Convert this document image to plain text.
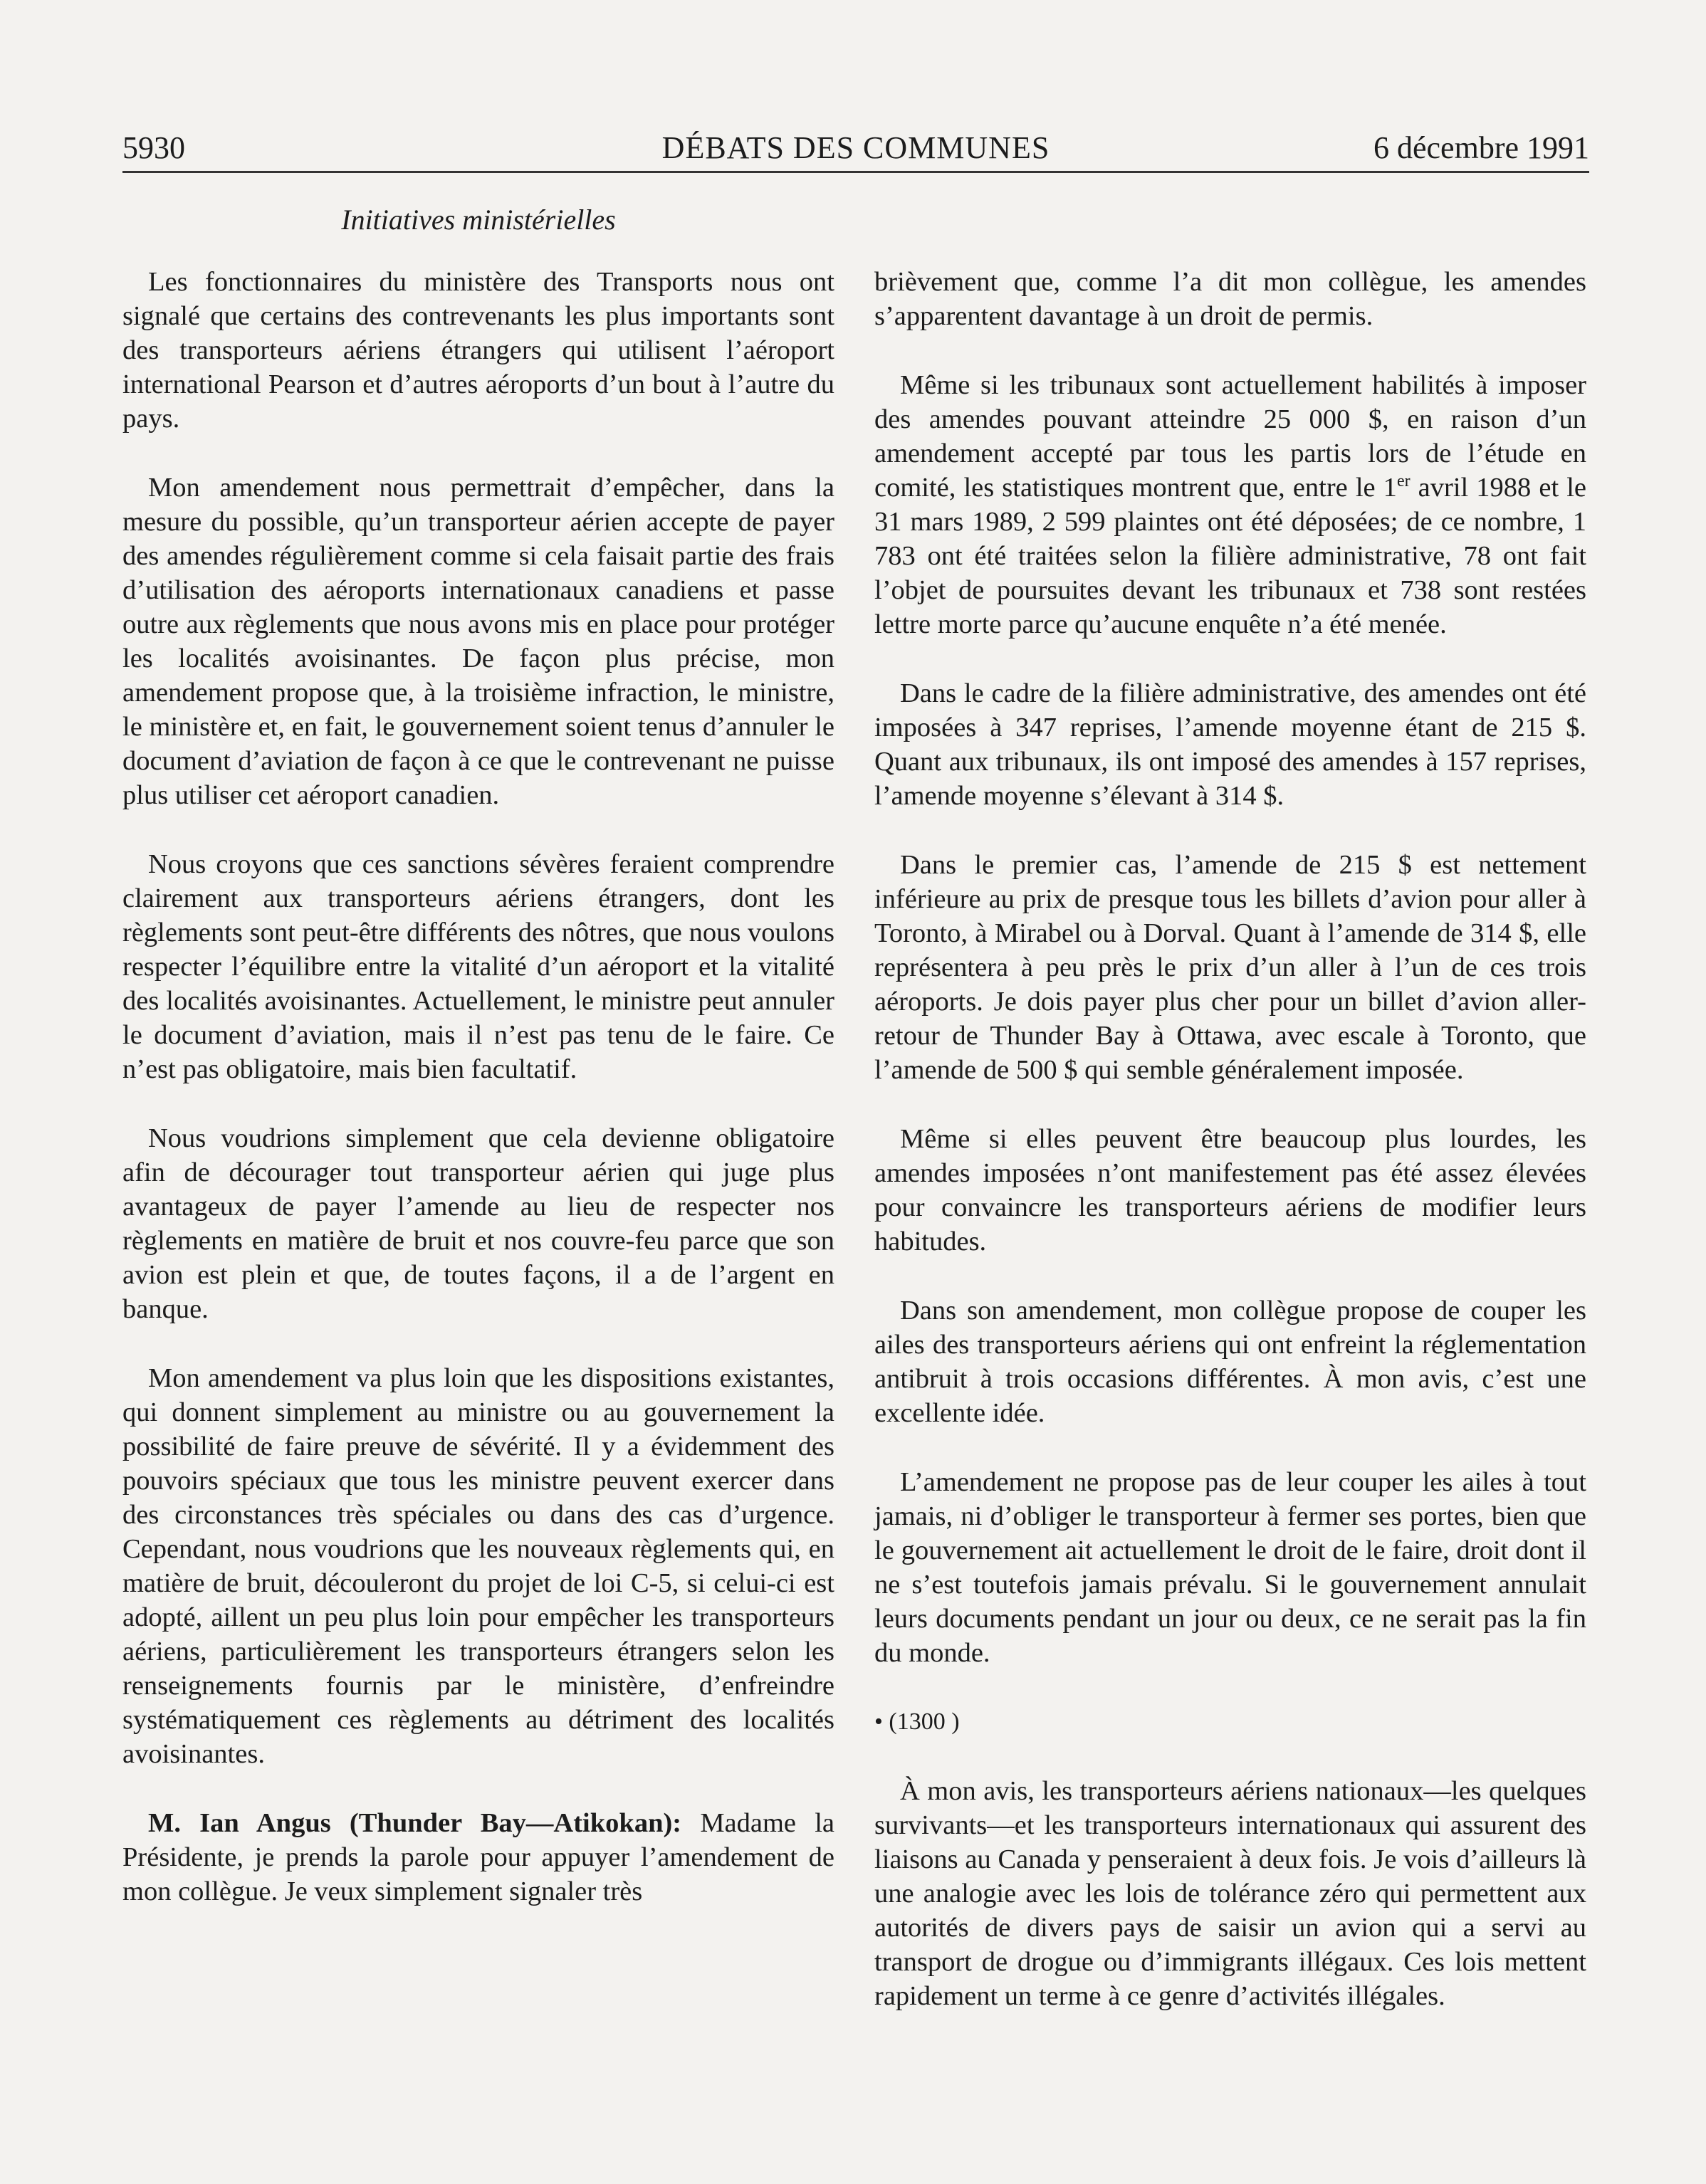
5930	DÉBATS DES COMMUNES	6 décembre 1991
Initiatives ministérielles

Les fonctionnaires du ministère des Transports nous ont signalé que certains des contrevenants les plus importants sont des transporteurs aériens étrangers qui utilisent l’aéroport international Pearson et d’autres aéroports d’un bout à l’autre du pays.

Mon amendement nous permettrait d’empêcher, dans la mesure du possible, qu’un transporteur aérien accepte de payer des amendes régulièrement comme si cela faisait partie des frais d’utilisation des aéroports internationaux canadiens et passe outre aux règlements que nous avons mis en place pour protéger les localités avoisinantes. De façon plus précise, mon amendement propose que, à la troisième infraction, le ministre, le ministère et, en fait, le gouvernement soient tenus d’annuler le document d’aviation de façon à ce que le contrevenant ne puisse plus utiliser cet aéroport canadien.

Nous croyons que ces sanctions sévères feraient comprendre clairement aux transporteurs aériens étrangers, dont les règlements sont peut-être différents des nôtres, que nous voulons respecter l’équilibre entre la vitalité d’un aéroport et la vitalité des localités avoisinantes. Actuellement, le ministre peut annuler le document d’aviation, mais il n’est pas tenu de le faire. Ce n’est pas obligatoire, mais bien facultatif.

Nous voudrions simplement que cela devienne obligatoire afin de décourager tout transporteur aérien qui juge plus avantageux de payer l’amende au lieu de respecter nos règlements en matière de bruit et nos couvre-feu parce que son avion est plein et que, de toutes façons, il a de l’argent en banque.

Mon amendement va plus loin que les dispositions existantes, qui donnent simplement au ministre ou au gouvernement la possibilité de faire preuve de sévérité. Il y a évidemment des pouvoirs spéciaux que tous les ministre peuvent exercer dans des circonstances très spéciales ou dans des cas d’urgence. Cependant, nous voudrions que les nouveaux règlements qui, en matière de bruit, découleront du projet de loi C-5, si celui-ci est adopté, aillent un peu plus loin pour empêcher les transporteurs aériens, particulièrement les transporteurs étrangers selon les renseignements fournis par le ministère, d’enfreindre systématiquement ces règlements au détriment des localités avoisinantes.

M. Ian Angus (Thunder Bay—Atikokan): Madame la Présidente, je prends la parole pour appuyer l’amendement de mon collègue. Je veux simplement signaler très

brièvement que, comme l’a dit mon collègue, les amendes s’apparentent davantage à un droit de permis.

Même si les tribunaux sont actuellement habilités à imposer des amendes pouvant atteindre 25 000 $, en raison d’un amendement accepté par tous les partis lors de l’étude en comité, les statistiques montrent que, entre le 1er avril 1988 et le 31 mars 1989, 2 599 plaintes ont été déposées; de ce nombre, 1 783 ont été traitées selon la filière administrative, 78 ont fait l’objet de poursuites devant les tribunaux et 738 sont restées lettre morte parce qu’aucune enquête n’a été menée.

Dans le cadre de la filière administrative, des amendes ont été imposées à 347 reprises, l’amende moyenne étant de 215 $. Quant aux tribunaux, ils ont imposé des amendes à 157 reprises, l’amende moyenne s’élevant à 314 $.

Dans le premier cas, l’amende de 215 $ est nettement inférieure au prix de presque tous les billets d’avion pour aller à Toronto, à Mirabel ou à Dorval. Quant à l’amende de 314 $, elle représentera à peu près le prix d’un aller à l’un de ces trois aéroports. Je dois payer plus cher pour un billet d’avion aller-retour de Thunder Bay à Ottawa, avec escale à Toronto, que l’amende de 500 $ qui semble généralement imposée.

Même si elles peuvent être beaucoup plus lourdes, les amendes imposées n’ont manifestement pas été assez élevées pour convaincre les transporteurs aériens de modifier leurs habitudes.

Dans son amendement, mon collègue propose de couper les ailes des transporteurs aériens qui ont enfreint la réglementation antibruit à trois occasions différentes. À mon avis, c’est une excellente idée.

L’amendement ne propose pas de leur couper les ailes à tout jamais, ni d’obliger le transporteur à fermer ses portes, bien que le gouvernement ait actuellement le droit de le faire, droit dont il ne s’est toutefois jamais prévalu. Si le gouvernement annulait leurs documents pendant un jour ou deux, ce ne serait pas la fin du monde.

• (1300 )

À mon avis, les transporteurs aériens nationaux—les quelques survivants—et les transporteurs internationaux qui assurent des liaisons au Canada y penseraient à deux fois. Je vois d’ailleurs là une analogie avec les lois de tolérance zéro qui permettent aux autorités de divers pays de saisir un avion qui a servi au transport de drogue ou d’immigrants illégaux. Ces lois mettent rapidement un terme à ce genre d’activités illégales.
